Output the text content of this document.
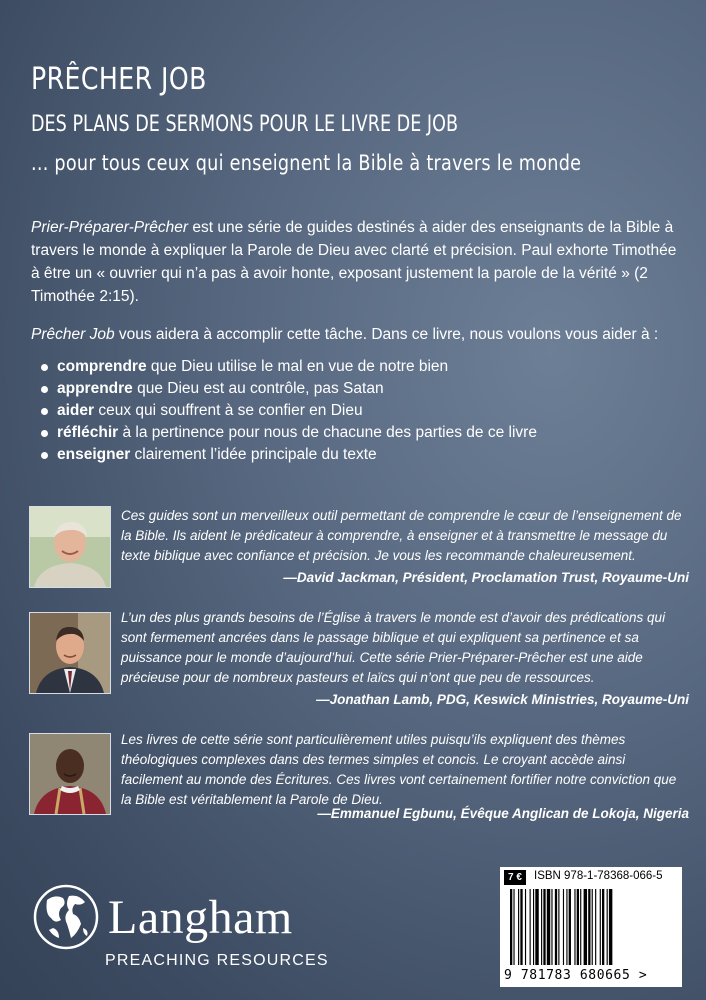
PRÊCHER JOB
DES PLANS DE SERMONS POUR LE LIVRE DE JOB
... pour tous ceux qui enseignent la Bible à travers le monde

Prier-Préparer-Prêcher est une série de guides destinés à aider des enseignants de la Bible à travers le monde à expliquer la Parole de Dieu avec clarté et précision. Paul exhorte Timothée à être un « ouvrier qui n’a pas à avoir honte, exposant justement la parole de la vérité » (2 Timothée 2:15).

Prêcher Job vous aidera à accomplir cette tâche. Dans ce livre, nous voulons vous aider à :

comprendre que Dieu utilise le mal en vue de notre bien
apprendre que Dieu est au contrôle, pas Satan
aider ceux qui souffrent à se confier en Dieu
réfléchir à la pertinence pour nous de chacune des parties de ce livre
enseigner clairement l’idée principale du texte

Ces guides sont un merveilleux outil permettant de comprendre le cœur de l’enseignement de la Bible. Ils aident le prédicateur à comprendre, à enseigner et à transmettre le message du texte biblique avec confiance et précision. Je vous les recommande chaleureusement.

—David Jackman, Président, Proclamation Trust, Royaume-Uni

L’un des plus grands besoins de l’Église à travers le monde est d’avoir des prédications qui sont fermement ancrées dans le passage biblique et qui expliquent sa pertinence et sa puissance pour le monde d’aujourd’hui. Cette série Prier-Préparer-Prêcher est une aide précieuse pour de nombreux pasteurs et laïcs qui n’ont que peu de ressources.

—Jonathan Lamb, PDG, Keswick Ministries, Royaume-Uni

Les livres de cette série sont particulièrement utiles puisqu’ils expliquent des thèmes théologiques complexes dans des termes simples et concis. Le croyant accède ainsi facilement au monde des Écritures. Ces livres vont certainement fortifier notre conviction que la Bible est véritablement la Parole de Dieu.

—Emmanuel Egbunu, Évêque Anglican de Lokoja, Nigeria

Langham
PREACHING RESOURCES
7 €	ISBN 978-1-78368-066-5
9 781783 680665 >
